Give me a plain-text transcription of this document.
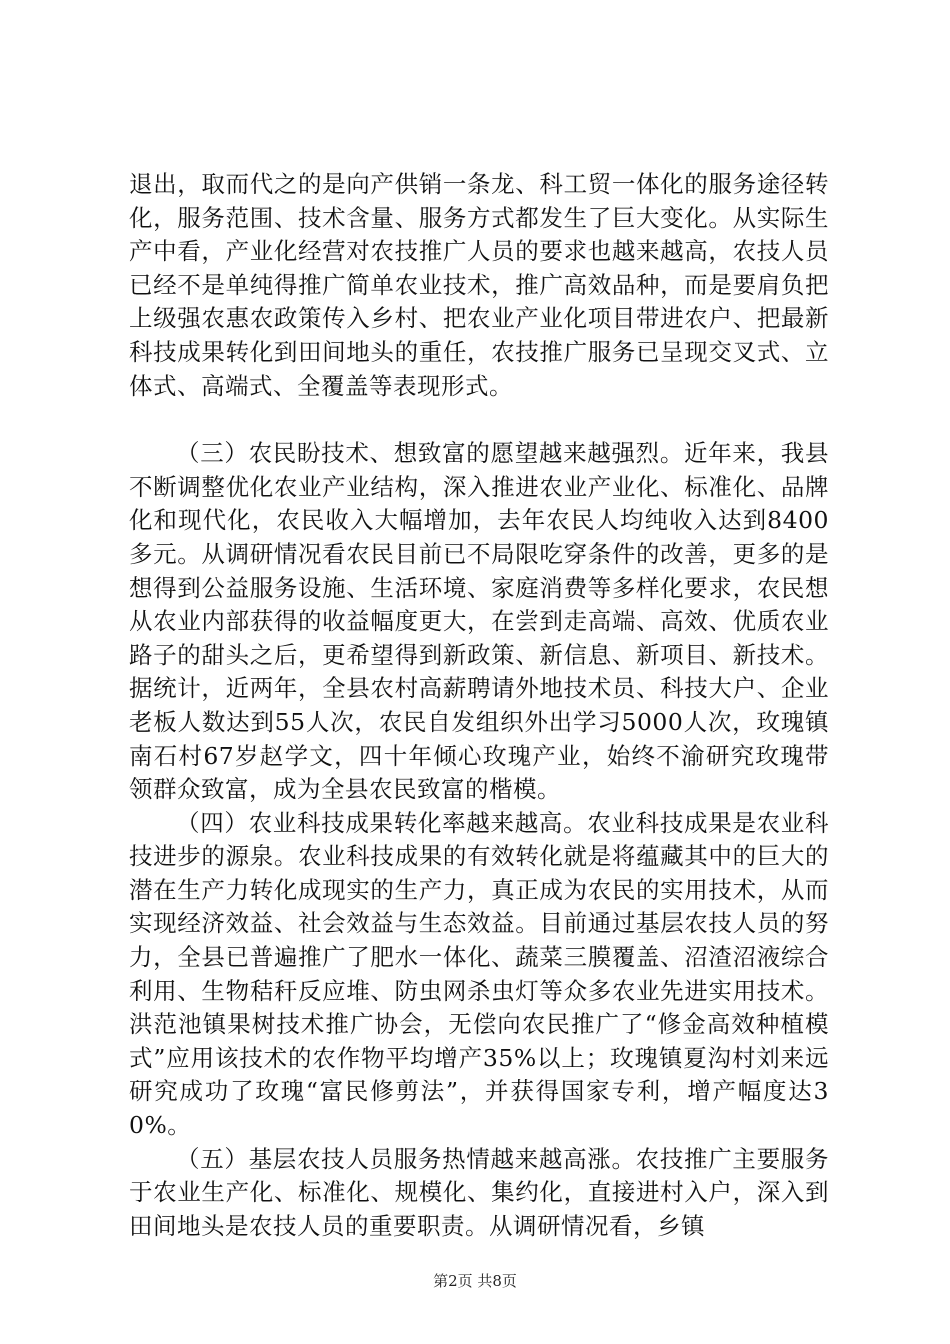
退出，取而代之的是向产供销一条龙、科工贸一体化的服务途径转化，服务范围、技术含量、服务方式都发生了巨大变化。从实际生产中看，产业化经营对农技推广人员的要求也越来越高，农技人员已经不是单纯得推广简单农业技术，推广高效品种，而是要肩负把上级强农惠农政策传入乡村、把农业产业化项目带进农户、把最新科技成果转化到田间地头的重任，农技推广服务已呈现交叉式、立体式、高端式、全覆盖等表现形式。

（三）农民盼技术、想致富的愿望越来越强烈。近年来，我县不断调整优化农业产业结构，深入推进农业产业化、标准化、品牌化和现代化，农民收入大幅增加，去年农民人均纯收入达到8400多元。从调研情况看农民目前已不局限吃穿条件的改善，更多的是想得到公益服务设施、生活环境、家庭消费等多样化要求，农民想从农业内部获得的收益幅度更大，在尝到走高端、高效、优质农业路子的甜头之后，更希望得到新政策、新信息、新项目、新技术。据统计，近两年，全县农村高薪聘请外地技术员、科技大户、企业老板人数达到55人次，农民自发组织外出学习5000人次，玫瑰镇南石村67岁赵学文，四十年倾心玫瑰产业，始终不渝研究玫瑰带领群众致富，成为全县农民致富的楷模。

（四）农业科技成果转化率越来越高。农业科技成果是农业科技进步的源泉。农业科技成果的有效转化就是将蕴藏其中的巨大的潜在生产力转化成现实的生产力，真正成为农民的实用技术，从而实现经济效益、社会效益与生态效益。目前通过基层农技人员的努力，全县已普遍推广了肥水一体化、蔬菜三膜覆盖、沼渣沼液综合利用、生物秸秆反应堆、防虫网杀虫灯等众多农业先进实用技术。洪范池镇果树技术推广协会，无偿向农民推广了“修金高效种植模式”应用该技术的农作物平均增产35%以上；玫瑰镇夏沟村刘来远研究成功了玫瑰“富民修剪法”，并获得国家专利，增产幅度达30%。

（五）基层农技人员服务热情越来越高涨。农技推广主要服务于农业生产化、标准化、规模化、集约化，直接进村入户，深入到田间地头是农技人员的重要职责。从调研情况看，乡镇

第2页 共8页
